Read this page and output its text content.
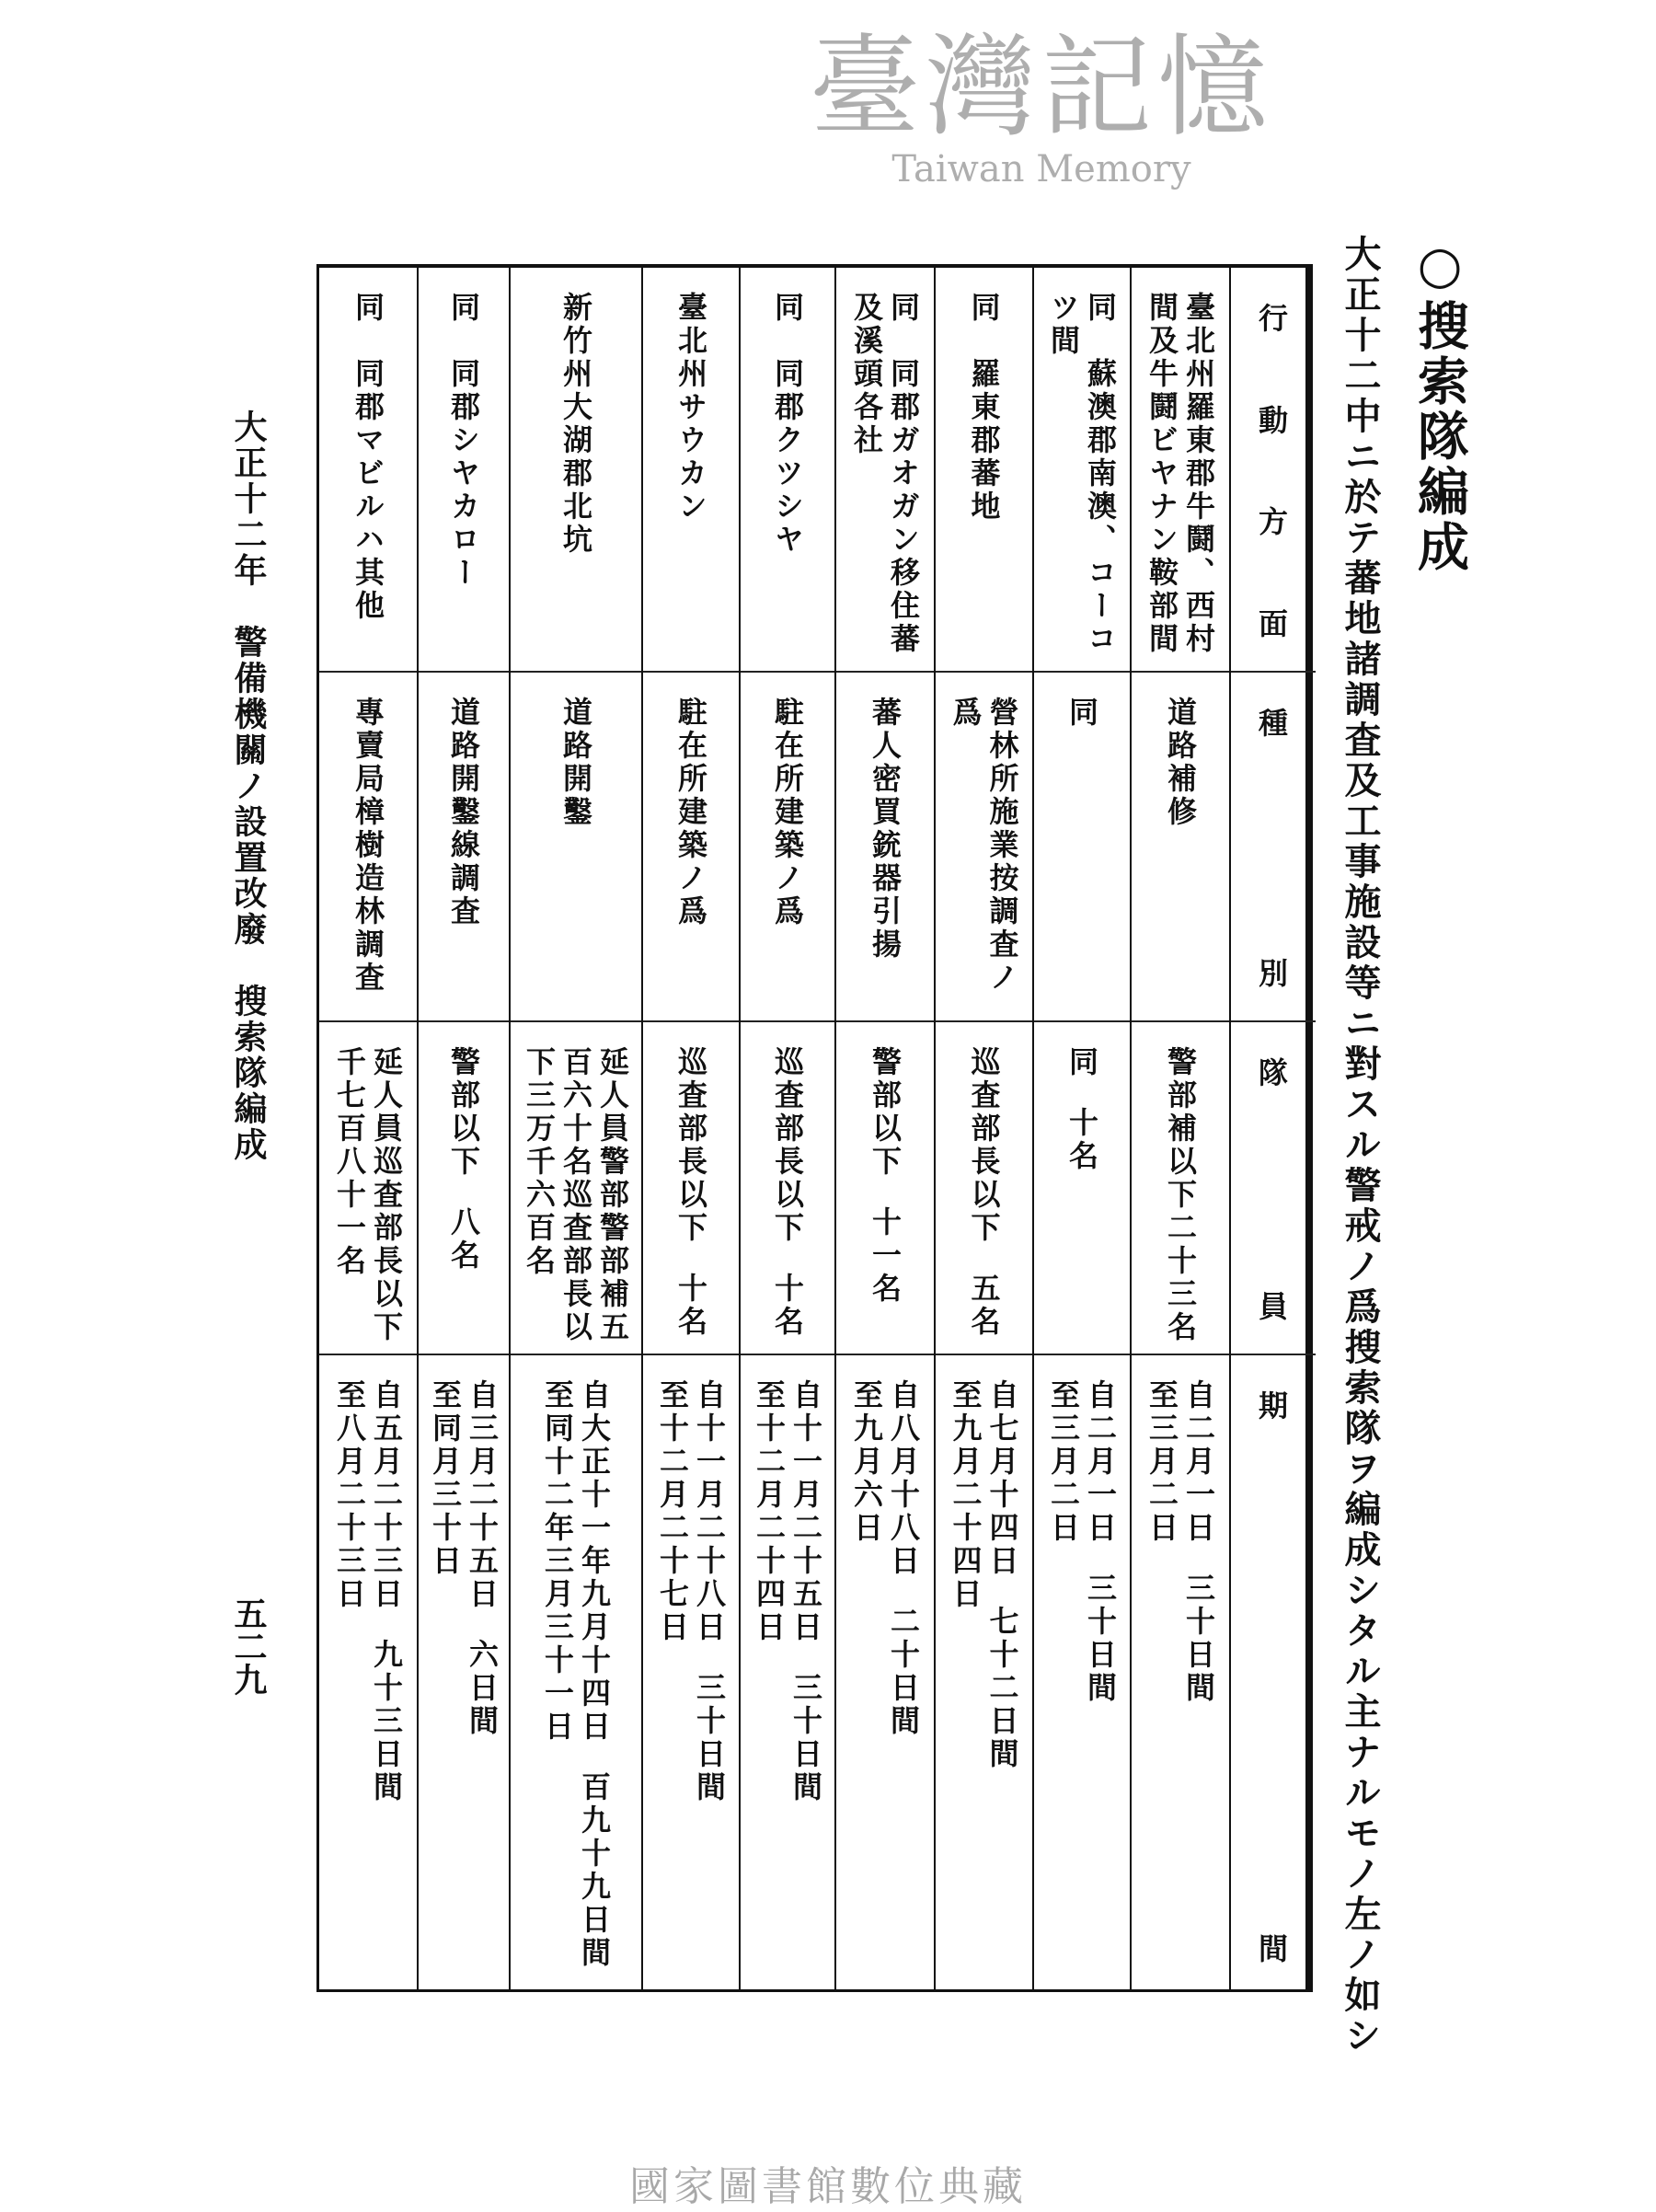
○搜索隊編成
大正十二中ニ於テ蕃地諸調査及工事施設等ニ對スル警戒ノ爲搜索隊ヲ編成シタル主ナルモノ左ノ如シ
大正十二年　警備機關ノ設置改廢　搜索隊編成
五二九
行
動
方
面
種
別
隊
員
期
間
臺北州羅東郡牛鬪、西村
間及牛鬪ビヤナン鞍部間
道路補修
警部補以下二十三名
自二月一日三十日間
至三月二日
同　蘇澳郡南澳、コーコ
ツ間
同
同十名
自二月一日三十日間
至三月二日
同　羅東郡蕃地
營林所施業按調査ノ
爲
巡査部長以下五名
自七月十四日七十二日間
至九月二十四日
同　同郡ガオガン移住蕃
及溪頭各社
蕃人密買銃器引揚
警部以下十一名
自八月十八日二十日間
至九月六日
同　同郡クツシヤ
駐在所建築ノ爲
巡査部長以下十名
自十一月二十五日三十日間
至十二月二十四日
臺北州サウカン
駐在所建築ノ爲
巡査部長以下十名
自十一月二十八日三十日間
至十二月二十七日
新竹州大湖郡北坑
道路開鑿
延人員警部警部補五
百六十名巡査部長以
下三万千六百名
自大正十一年九月十四日百九十九日間
至同十二年三月三十一日
同　同郡シヤカロー
道路開鑿線調査
警部以下八名
自三月二十五日六日間
至同月三十日
同　同郡マビルハ其他
專賣局樟樹造林調査
延人員巡査部長以下
千七百八十一名
自五月二十三日九十三日間
至八月二十三日
臺灣記憶
Taiwan Memory
國家圖書館數位典藏
